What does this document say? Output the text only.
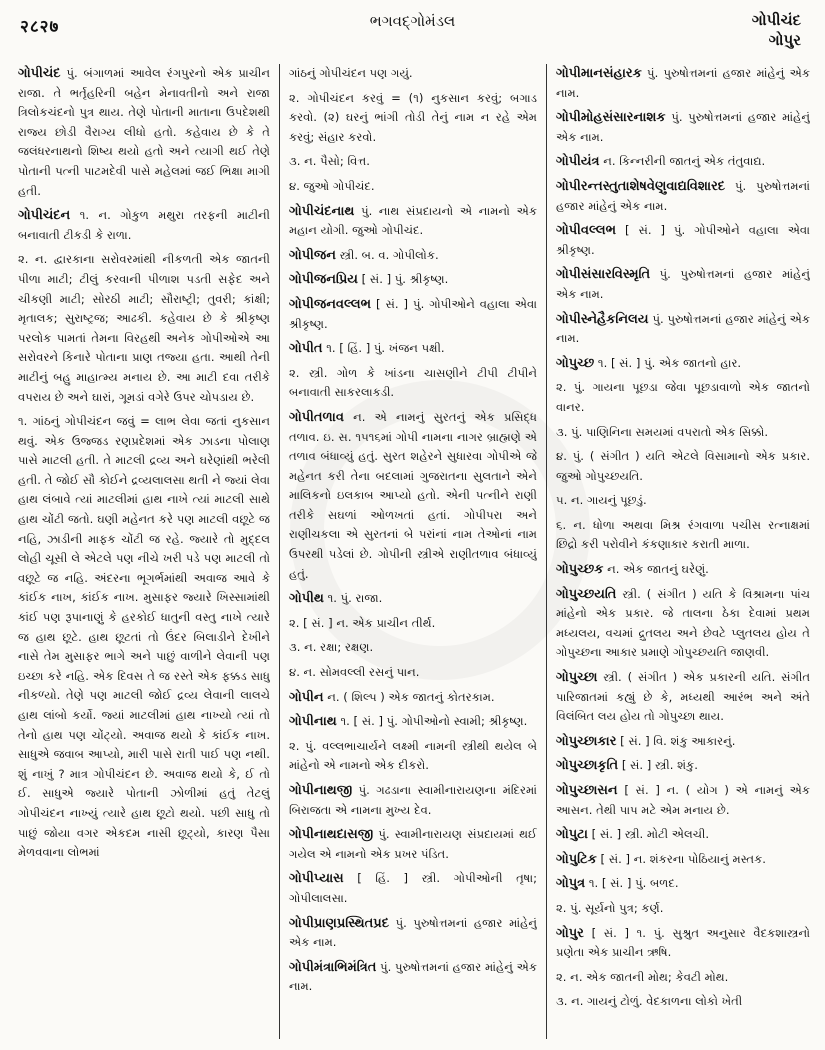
२८२७	ભગવદ્ગોમંડલ	ગોપીચંદ
ગોપુર

ગોપીચંદ પું. બંગાળમાં આવેલ રંગપુરનો એક પ્રાચીન રાજા. તે ભર્તૃહરિની બહેન મેનાવતીનો અને રાજા ત્રિલોકચંદનો પુત્ર થાય. તેણે પોતાની માતાના ઉપદેશથી રાજ્ય છોડી વૈરાગ્ય લીધો હતો. કહેવાય છે કે તે જલંધરનાથનો શિષ્ય થયો હતો અને ત્યાગી થઈ તેણે પોતાની પત્ની પાટમદેવી પાસે મહેલમાં જઈ ભિક્ષા માગી હતી.

ગોપીચંદન ૧. ન. ગોકુળ મથુરા તરફની માટીની બનાવાતી ટીકડી કે રાળા.

૨. ન. દ્વારકાના સરોવરમાંથી નીકળતી એક જાતની પીળા માટી; ટીલું કરવાની પીળાશ પડતી સફેદ અને ચીકણી માટી; સોરઠી માટી; સૌરાષ્ટ્રી; તુવરી; કાંક્ષી; મૃતાલક; સુરાષ્ટ્રજ; આઢકી. કહેવાય છે કે શ્રીકૃષ્ણ પરલોક પામતાં તેમના વિરહથી અનેક ગોપીઓએ આ સરોવરને કિનારે પોતાના પ્રાણ તજ્યા હતા. આથી તેની માટીનું બહુ માહાત્મ્ય મનાય છે. આ માટી દવા તરીકે વપરાય છે અને ઘારાં, ગૂમડાં વગેરે ઉપર ચોપડાય છે.

૧. ગાંઠનું ગોપીચંદન જવું = લાભ લેવા જતાં નુકસાન થવું. એક ઉજ્જડ રણપ્રદેશમાં એક ઝાડના પોલાણ પાસે માટલી હતી. તે માટલી દ્રવ્ય અને ઘરેણાંથી ભરેલી હતી. તે જોઈ સૌ કોઈને દ્રવ્યલાલસા થતી ને જ્યાં લેવા હાથ લંબાવે ત્યાં માટલીમાં હાથ નાખે ત્યાં માટલી સાથે હાથ ચોંટી જતો. ઘણી મહેનત કરે પણ માટલી વછૂટે જ નહિ, ઝાડીની માફક ચોંટી જ રહે. જ્યારે તો મુદ્દલ લોહી ચૂસી લે એટલે પણ નીચે ખરી પડે પણ માટલી તો વછૂટે જ નહિ. અંદરના ભૂગર્ભમાંથી અવાજ આવે કે કાંઈક નાખ, કાંઈક નાખ. મુસાફર જ્યારે ખિસ્સામાંથી કાંઈ પણ રૂપાનાણું કે હરકોઈ ધાતુની વસ્તુ નાખે ત્યારે જ હાથ છૂટે. હાથ છૂટતાં તો ઉંદર બિલાડીને દેખીને નાસે તેમ મુસાફર ભાગે અને પાછું વાળીને લેવાની પણ ઇચ્છા કરે નહિ. એક દિવસ તે જ રસ્તે એક ફક્કડ સાધુ નીકળ્યો. તેણે પણ માટલી જોઈ દ્રવ્ય લેવાની લાલચે હાથ લાંબો કર્યો. જ્યાં માટલીમાં હાથ નાખ્યો ત્યાં તો તેનો હાથ પણ ચોંટ્યો. અવાજ થયો કે કાંઈક નાખ. સાધુએ જવાબ આપ્યો, મારી પાસે રાતી પાઈ પણ નથી. શું નાખું ? માત્ર ગોપીચંદન છે. અવાજ થયો કે, ઈ તો ઈ. સાધુએ જ્યારે પોતાની ઝોળીમાં હતું તેટલું ગોપીચંદન નાખ્યું ત્યારે હાથ છૂટો થયો. પછી સાધુ તો પાછું જોયા વગર એકદમ નાસી છૂટ્યો, કારણ પૈસા મેળવવાના લોભમાં

ગાંઠનું ગોપીચંદન પણ ગયું.

૨. ગોપીચંદન કરવું = (૧) નુકસાન કરવું; બગાડ કરવો. (૨) ઘરનું ભાંગી તોડી તેનું નામ ન રહે એમ કરવું; સંહાર કરવો.

૩. ન. પૈસો; વિત્ત.

૪. જુઓ ગોપીચંદ.

ગોપીચંદનાથ પું. નાથ સંપ્રદાયનો એ નામનો એક મહાન યોગી. જુઓ ગોપીચંદ.

ગોપીજન સ્ત્રી. બ. વ. ગોપીલોક.

ગોપીજનપ્રિય [ સં. ] પું. શ્રીકૃષ્ણ.

ગોપીજનવલ્લભ [ સં. ] પું. ગોપીઓને વહાલા એવા શ્રીકૃષ્ણ.

ગોપીત ૧. [ હિં. ] પું. ખંજન પક્ષી.

૨. સ્ત્રી. ગોળ કે ખાંડના ચાસણીને ટીપી ટીપીને બનાવાતી સાકરલાકડી.

ગોપીતળાવ ન. એ નામનું સુરતનું એક પ્રસિદ્ધ તળાવ. ઇ. સ. ૧૫૧૬માં ગોપી નામના નાગર બ્રાહ્મણે એ તળાવ બંધાવ્યું હતું. સુરત શહેરને સુધારવા ગોપીએ જે મહેનત કરી તેના બદલામાં ગુજરાતના સુલતાને એને માલિકનો ઇલકાબ આપ્યો હતો. એની પત્નીને રાણી તરીકે સઘળાં ઓળખતાં હતાં. ગોપીપરા અને રાણીચકલા એ સુરતનાં બે પરાંનાં નામ તેઓનાં નામ ઉપરથી પડેલાં છે. ગોપીની સ્ત્રીએ રાણીતળાવ બંધાવ્યું હતું.

ગોપીથ ૧. પું. રાજા.

૨. [ સં. ] ન. એક પ્રાચીન તીર્થ.

૩. ન. રક્ષા; રક્ષણ.

૪. ન. સોમવલ્લી રસનું પાન.

ગોપીન ન. ( શિલ્પ ) એક જાતનું કોતરકામ.

ગોપીનાથ ૧. [ સં. ] પું. ગોપીઓનો સ્વામી; શ્રીકૃષ્ણ.

૨. પું. વલ્લભાચાર્યને લક્ષ્મી નામની સ્ત્રીથી થયેલ બે માંહેનો એ નામનો એક દીકરો.

ગોપીનાથજી પું. ગઢડાના સ્વામીનારાયણના મંદિરમાં બિરાજતા એ નામના મુખ્ય દેવ.

ગોપીનાથદાસજી પું. સ્વામીનારાયણ સંપ્રદાયમાં થઈ ગયેલ એ નામનો એક પ્રખર પંડિત.

ગોપીપ્યાસ [ હિં. ] સ્ત્રી. ગોપીઓની તૃષા; ગોપીલાલસા.

ગોપીપ્રાણપ્રસ્થિતપ્રદ પું. પુરુષોત્તમનાં હજાર માંહેનું એક નામ.

ગોપીમંત્રાભિમંત્રિત પું. પુરુષોત્તમનાં હજાર માંહેનું એક નામ.

ગોપીમાનસંહારક પું. પુરુષોત્તમનાં હજાર માંહેનું એક નામ.

ગોપીમોહસંસારનાશક પું. પુરુષોત્તમનાં હજાર માંહેનું એક નામ.

ગોપીયંત્ર ન. કિન્નરીની જાતનું એક તંતુવાદ્ય.

ગોપીરન્તસ્તુતાશેષવેણુવાદ્યવિશારદ પું. પુરુષોત્તમનાં હજાર માંહેનું એક નામ.

ગોપીવલ્લભ [ સં. ] પું. ગોપીઓને વહાલા એવા શ્રીકૃષ્ણ.

ગોપીસંસારવિસ્મૃતિ પું. પુરુષોત્તમનાં હજાર માંહેનું એક નામ.

ગોપીસ્નેહૈકનિલય પું. પુરુષોત્તમનાં હજાર માંહેનું એક નામ.

ગોપુચ્છ ૧. [ સં. ] પું. એક જાતનો હાર.

૨. પું. ગાયના પૂછડા જેવા પૂછડાવાળો એક જાતનો વાનર.

૩. પું. પાણિનિના સમયમાં વપરાતો એક સિક્કો.

૪. પું. ( સંગીત ) યતિ એટલે વિસામાનો એક પ્રકાર. જુઓ ગોપુચ્છયતિ.

૫. ન. ગાયનું પૂછડું.

૬. ન. ધોળા અથવા મિશ્ર રંગવાળા પચીસ રત્નાક્ષમાં છિદ્રો કરી પરોવીને કંકણાકાર કરાતી માળા.

ગોપુચ્છક ન. એક જાતનું ઘરેણું.

ગોપુચ્છયતિ સ્ત્રી. ( સંગીત ) યતિ કે વિશ્રામના પાંચ માંહેનો એક પ્રકાર. જે તાલના ઠેકા દેવામાં પ્રથમ મધ્યલય, વચમાં દ્રુતલય અને છેવટે પ્લુતલય હોય તે ગોપુચ્છના આકાર પ્રમાણે ગોપુચ્છયતિ જાણવી.

ગોપુચ્છા સ્ત્રી. ( સંગીત ) એક પ્રકારની યતિ. સંગીત પારિજાતમાં કહ્યું છે કે, મધ્યથી આરંભ અને અંતે વિલંબિત લય હોય તો ગોપુચ્છા થાય.

ગોપુચ્છાકાર [ સં. ] વિ. શંકુ આકારનું.

ગોપુચ્છાકૃતિ [ સં. ] સ્ત્રી. શંકુ.

ગોપુચ્છાસન [ સં. ] ન. ( યોગ ) એ નામનું એક આસન. તેથી પાપ મટે એમ મનાય છે.

ગોપુટા [ સં. ] સ્ત્રી. મોટી એલચી.

ગોપુટિક [ સં. ] ન. શંકરના પોઠિયાનું મસ્તક.

ગોપુત્ર ૧. [ સં. ] પું. બળદ.

૨. પું. સૂર્યનો પુત્ર; કર્ણ.

ગોપુર [ સં. ] ૧. પું. સુશ્રુત અનુસાર વૈદકશાસ્ત્રનો પ્રણેતા એક પ્રાચીન ઋષિ.

૨. ન. એક જાતની મોથ; કેવટી મોથ.

૩. ન. ગાયનું ટોળું. વેદકાળના લોકો ખેતી
